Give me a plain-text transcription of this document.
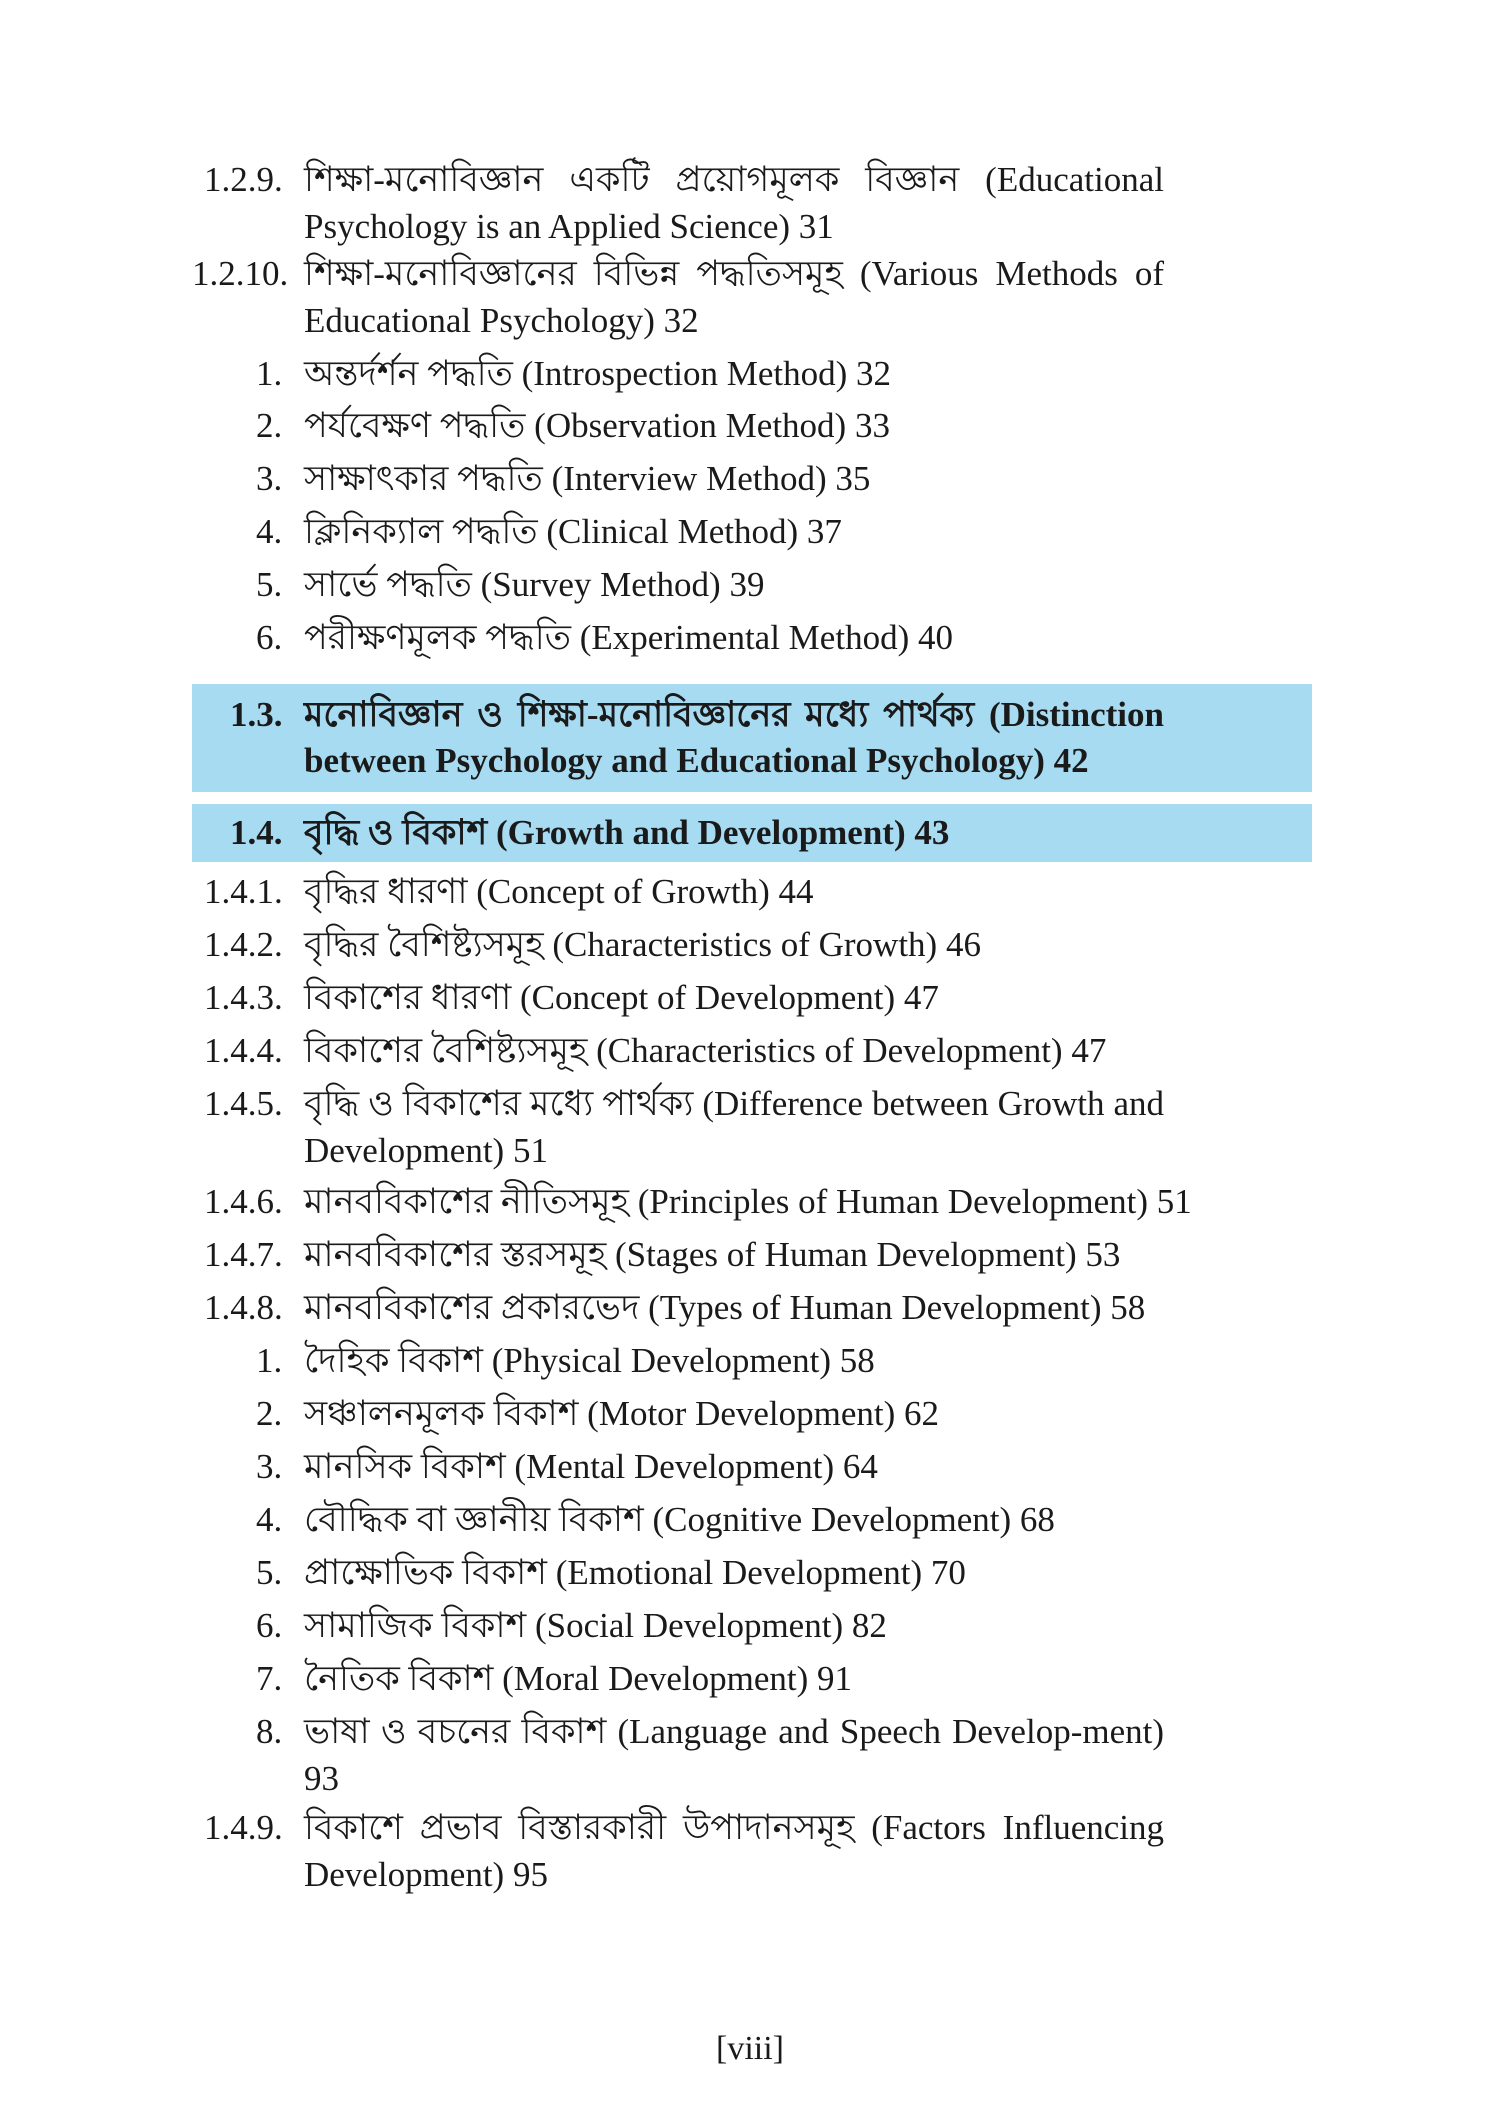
1.2.9. শিক্ষা-মনোবিজ্ঞান একটি প্রয়োগমূলক বিজ্ঞান (Educational Psychology is an Applied Science) 31
1.2.10. শিক্ষা-মনোবিজ্ঞানের বিভিন্ন পদ্ধতিসমূহ (Various Methods of Educational Psychology) 32
1. অন্তর্দর্শন পদ্ধতি (Introspection Method) 32
2. পর্যবেক্ষণ পদ্ধতি (Observation Method) 33
3. সাক্ষাৎকার পদ্ধতি (Interview Method) 35
4. ক্লিনিক্যাল পদ্ধতি (Clinical Method) 37
5. সার্ভে পদ্ধতি (Survey Method) 39
6. পরীক্ষণমূলক পদ্ধতি (Experimental Method) 40
1.3. মনোবিজ্ঞান ও শিক্ষা-মনোবিজ্ঞানের মধ্যে পার্থক্য (Distinction between Psychology and Educational Psychology) 42
1.4. বৃদ্ধি ও বিকাশ (Growth and Development) 43
1.4.1. বৃদ্ধির ধারণা (Concept of Growth) 44
1.4.2. বৃদ্ধির বৈশিষ্ট্যসমূহ (Characteristics of Growth) 46
1.4.3. বিকাশের ধারণা (Concept of Development) 47
1.4.4. বিকাশের বৈশিষ্ট্যসমূহ (Characteristics of Development) 47
1.4.5. বৃদ্ধি ও বিকাশের মধ্যে পার্থক্য (Difference between Growth and Development) 51
1.4.6. মানববিকাশের নীতিসমূহ (Principles of Human Development) 51
1.4.7. মানববিকাশের স্তরসমূহ (Stages of Human Development) 53
1.4.8. মানববিকাশের প্রকারভেদ (Types of Human Development) 58
1. দৈহিক বিকাশ (Physical Development) 58
2. সঞ্চালনমূলক বিকাশ (Motor Development) 62
3. মানসিক বিকাশ (Mental Development) 64
4. বৌদ্ধিক বা জ্ঞানীয় বিকাশ (Cognitive Development) 68
5. প্রাক্ষোভিক বিকাশ (Emotional Development) 70
6. সামাজিক বিকাশ (Social Development) 82
7. নৈতিক বিকাশ (Moral Development) 91
8. ভাষা ও বচনের বিকাশ (Language and Speech Develop-ment) 93
1.4.9. বিকাশে প্রভাব বিস্তারকারী উপাদানসমূহ (Factors Influencing Development) 95
[viii]
